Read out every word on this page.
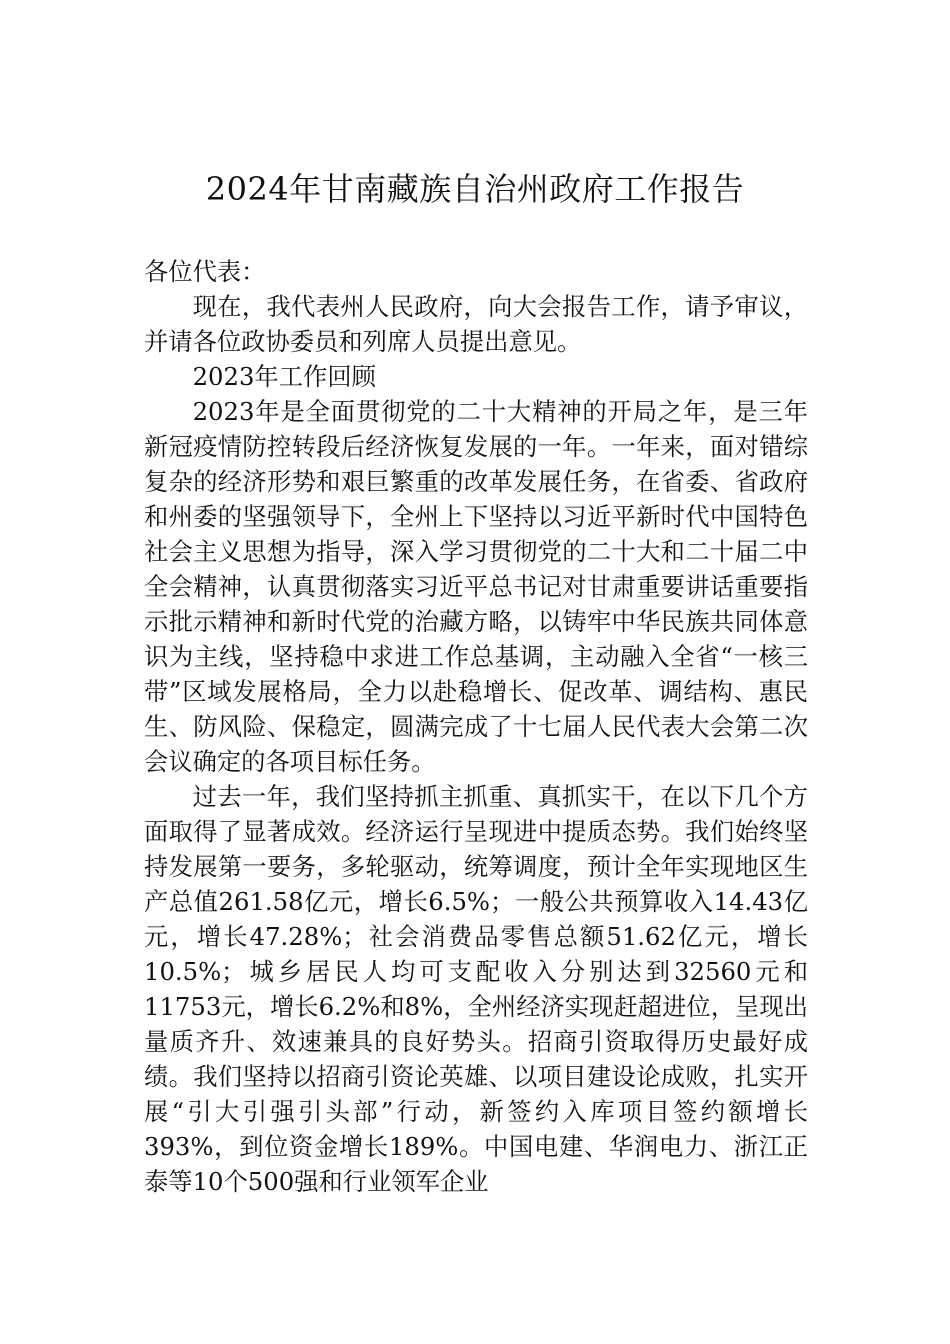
2024年甘南藏族自治州政府工作报告

各位代表：

现在，我代表州人民政府，向大会报告工作，请予审议，并请各位政协委员和列席人员提出意见。

2023年工作回顾

2023年是全面贯彻党的二十大精神的开局之年，是三年新冠疫情防控转段后经济恢复发展的一年。一年来，面对错综复杂的经济形势和艰巨繁重的改革发展任务，在省委、省政府和州委的坚强领导下，全州上下坚持以习近平新时代中国特色社会主义思想为指导，深入学习贯彻党的二十大和二十届二中全会精神，认真贯彻落实习近平总书记对甘肃重要讲话重要指示批示精神和新时代党的治藏方略，以铸牢中华民族共同体意识为主线，坚持稳中求进工作总基调，主动融入全省“一核三带”区域发展格局，全力以赴稳增长、促改革、调结构、惠民生、防风险、保稳定，圆满完成了十七届人民代表大会第二次会议确定的各项目标任务。

过去一年，我们坚持抓主抓重、真抓实干，在以下几个方面取得了显著成效。经济运行呈现进中提质态势。我们始终坚持发展第一要务，多轮驱动，统筹调度，预计全年实现地区生产总值261.58亿元，增长6.5%；一般公共预算收入14.43亿元，增长47.28%；社会消费品零售总额51.62亿元，增长10.5%；城乡居民人均可支配收入分别达到32560元和11753元，增长6.2%和8%，全州经济实现赶超进位，呈现出量质齐升、效速兼具的良好势头。招商引资取得历史最好成绩。我们坚持以招商引资论英雄、以项目建设论成败，扎实开展“引大引强引头部”行动，新签约入库项目签约额增长393%，到位资金增长189%。中国电建、华润电力、浙江正泰等10个500强和行业领军企业
